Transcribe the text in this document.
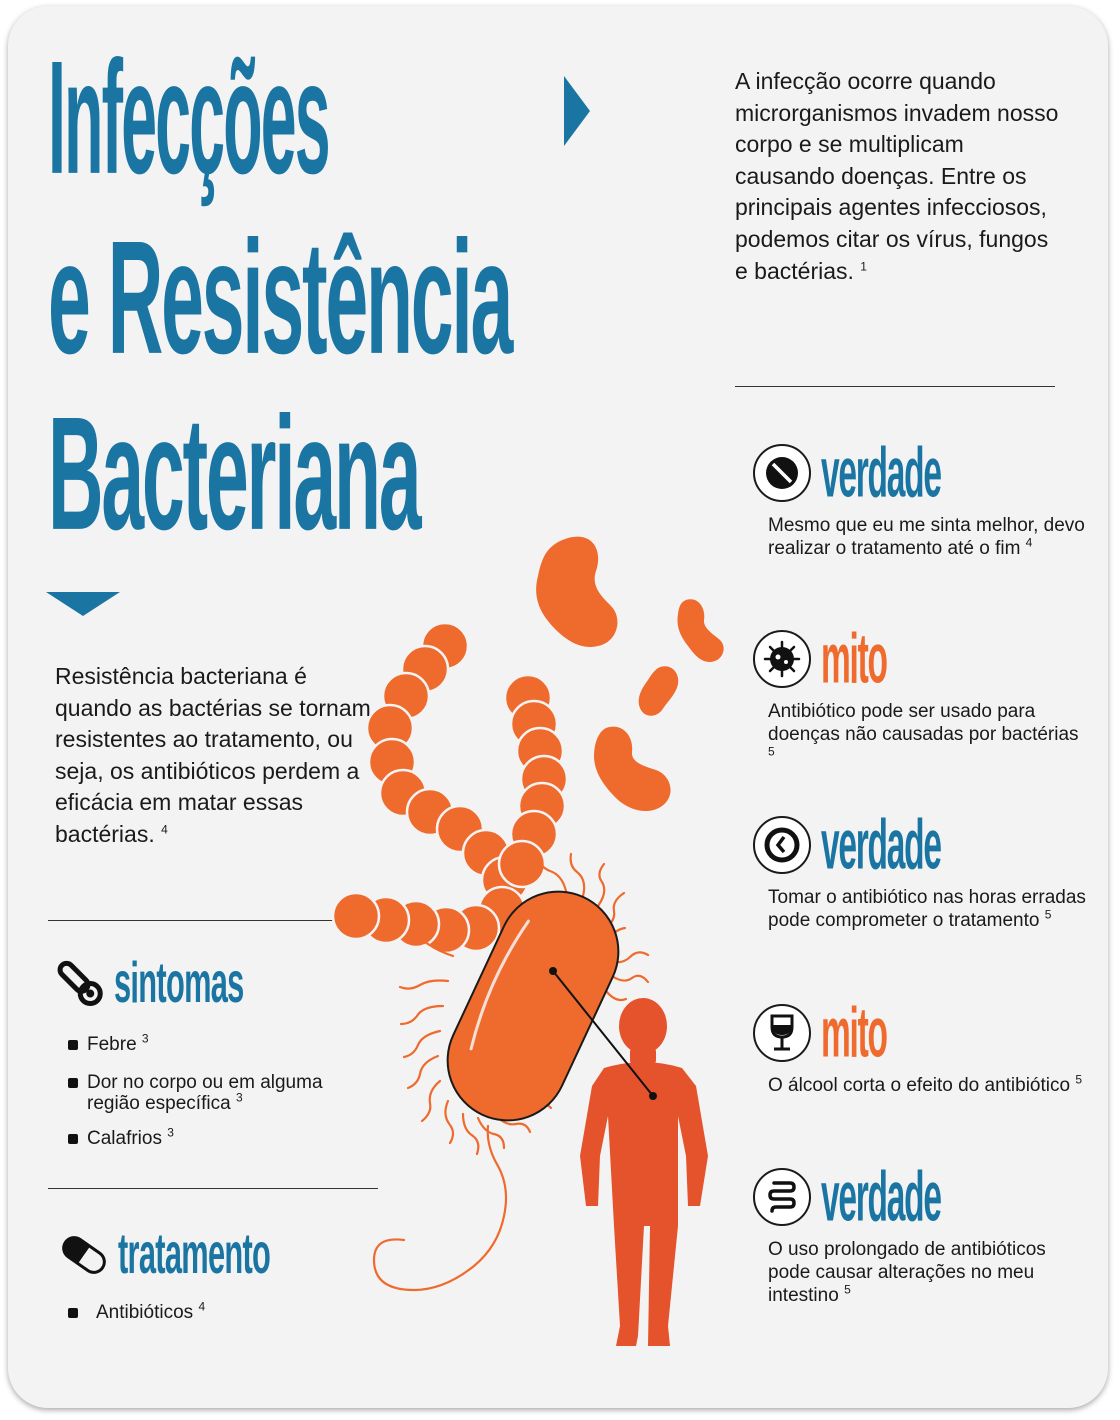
Infecções
e Resistência
Bacteriana
A infecção ocorre quando microrganismos invadem nosso corpo e se multiplicam causando doenças. Entre os principais agentes infecciosos, podemos citar os vírus, fungos e bactérias. $^1$
Resistência bacteriana é quando as bactérias se tornam resistentes ao tratamento, ou seja, os antibióticos perdem a eficácia em matar essas bactérias. $^4$
sintomas
Febre $^3$
Dor no corpo ou em alguma região específica $^3$
Calafrios $^3$
tratamento
Antibióticos $^4$
verdade
Mesmo que eu me sinta melhor, devo realizar o tratamento até o fim $^4$
mito
Antibiótico pode ser usado para doenças não causadas por bactérias $^5$
verdade
Tomar o antibiótico nas horas erradas pode comprometer o tratamento $^5$
mito
O álcool corta o efeito do antibiótico $^5$
verdade
O uso prolongado de antibióticos pode causar alterações no meu intestino $^5$
